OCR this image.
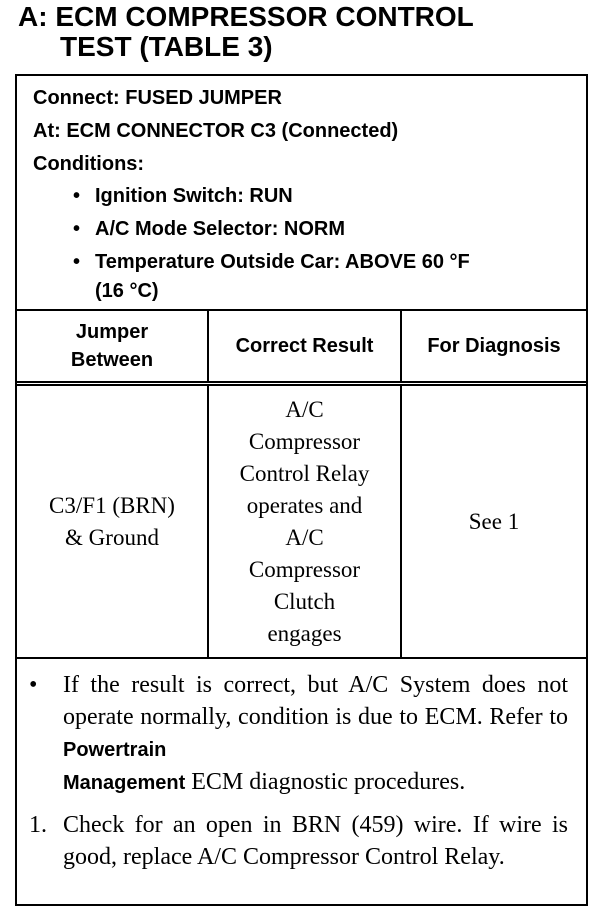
A: ECM COMPRESSOR CONTROL
TEST (TABLE 3)
Connect: FUSED JUMPER
At: ECM CONNECTOR C3 (Connected)
Conditions:
• Ignition Switch: RUN
• A/C Mode Selector: NORM
• Temperature Outside Car: ABOVE 60 °F
(16 °C)
Jumper Between
Correct Result	For Diagnosis
C3/F1 (BRN)
& Ground
A/C
Compressor
Control Relay
operates and
A/C
Compressor
Clutch
engages
See 1
• If the result is correct, but A/C System does not operate normally, condition is due to ECM. Refer to Powertrain
Management ECM diagnostic procedures.
1. Check for an open in BRN (459) wire. If wire is good, replace A/C Compressor Control Relay.
